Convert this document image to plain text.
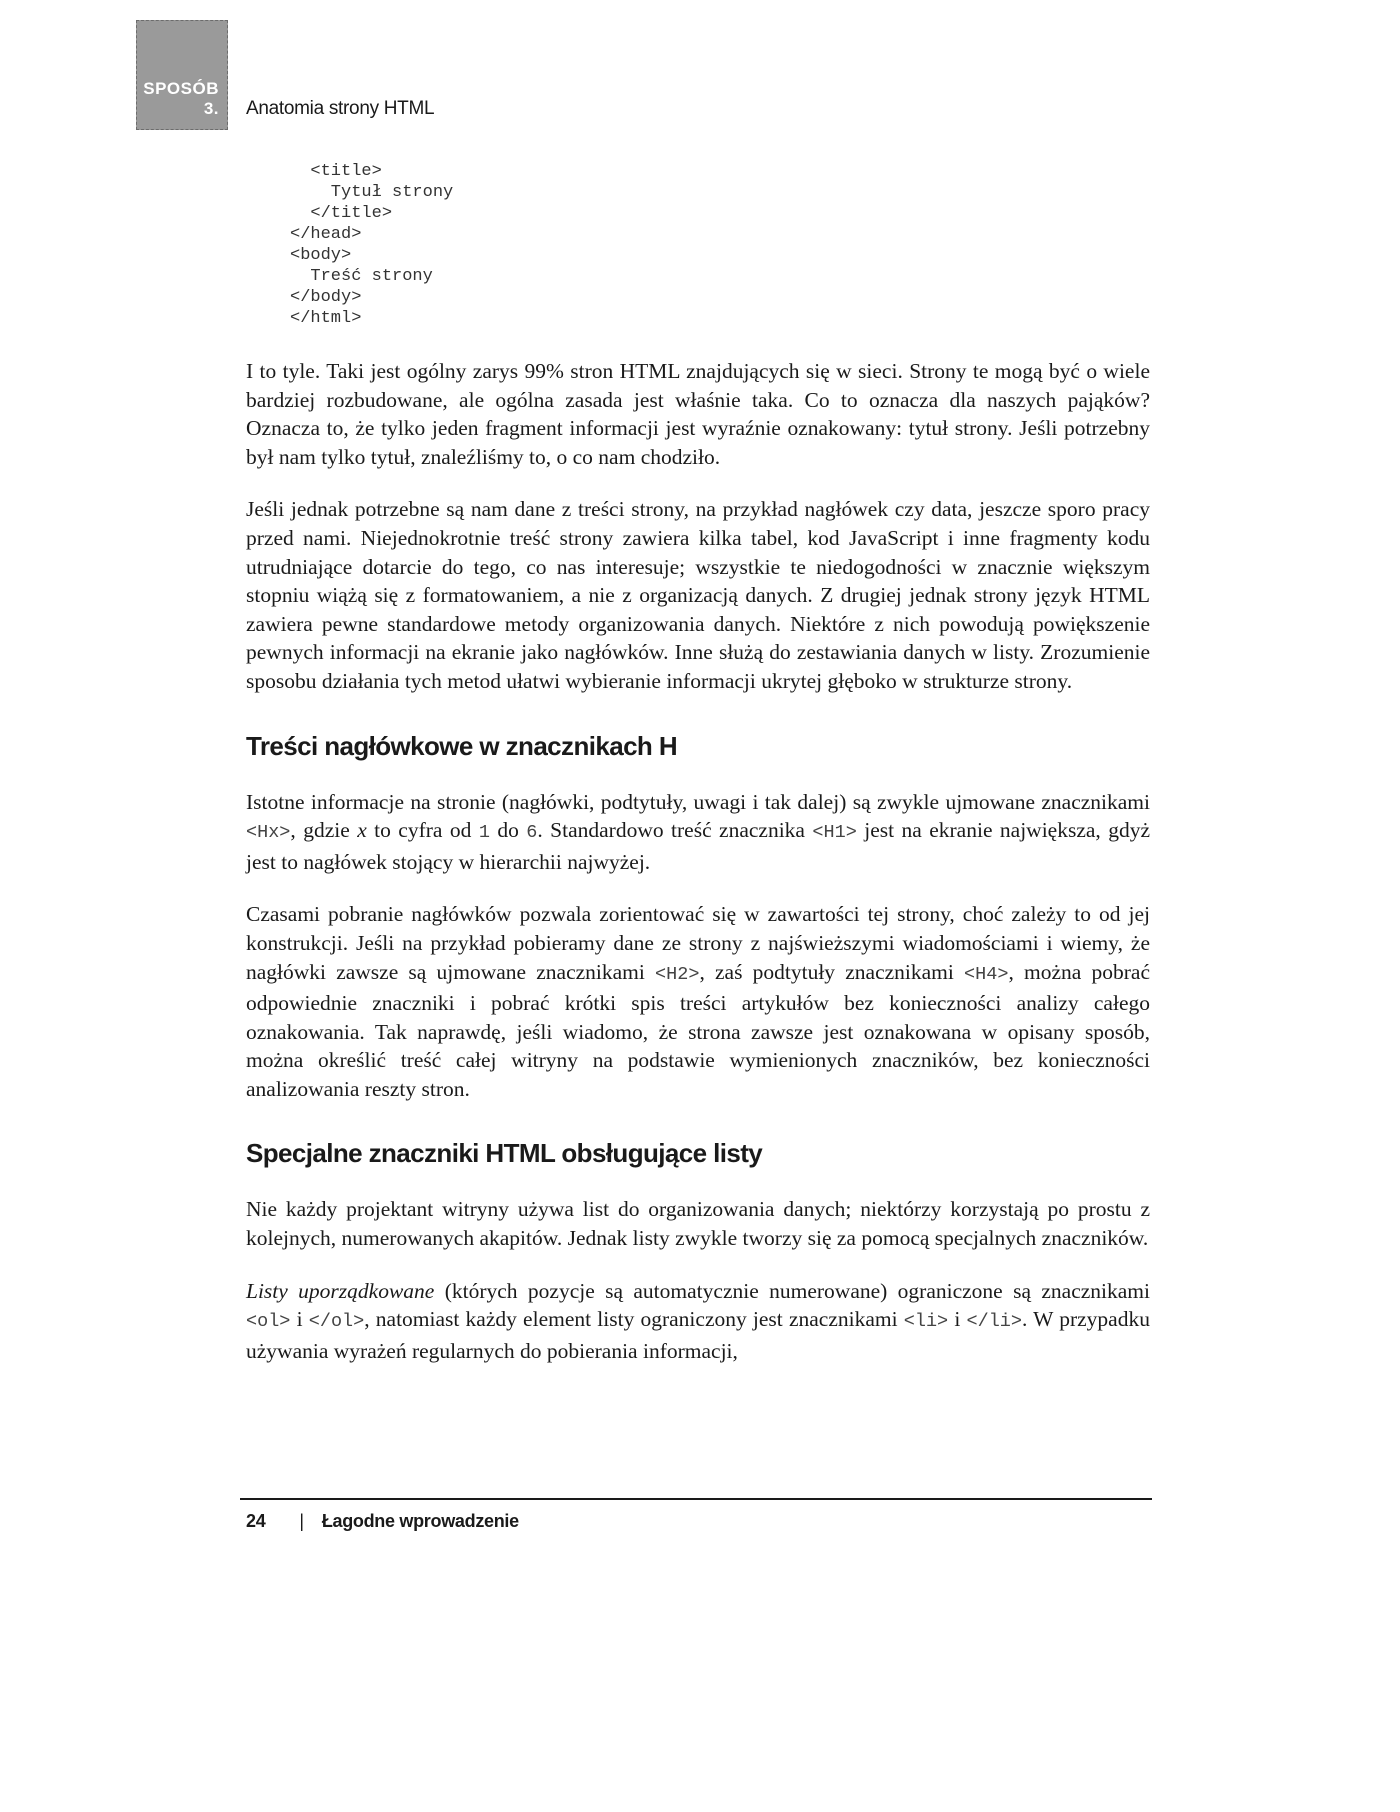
SPOSÓB
3. Anatomia strony HTML
<title>
Tytuł strony
</title>
</head>
<body>
Treść strony
</body>
</html>

I to tyle. Taki jest ogólny zarys 99% stron HTML znajdujących się w sieci. Strony te mogą być o wiele bardziej rozbudowane, ale ogólna zasada jest właśnie taka. Co to oznacza dla naszych pająków? Oznacza to, że tylko jeden fragment informacji jest wyraźnie oznakowany: tytuł strony. Jeśli potrzebny był nam tylko tytuł, znaleźliśmy to, o co nam chodziło.

Jeśli jednak potrzebne są nam dane z treści strony, na przykład nagłówek czy data, jeszcze sporo pracy przed nami. Niejednokrotnie treść strony zawiera kilka tabel, kod JavaScript i inne fragmenty kodu utrudniające dotarcie do tego, co nas interesuje; wszystkie te niedogodności w znacznie większym stopniu wiążą się z formatowaniem, a nie z organizacją danych. Z drugiej jednak strony język HTML zawiera pewne standardowe metody organizowania danych. Niektóre z nich powodują powiększenie pewnych informacji na ekranie jako nagłówków. Inne służą do zestawiania danych w listy. Zrozumienie sposobu działania tych metod ułatwi wybieranie informacji ukrytej głęboko w strukturze strony.

Treści nagłówkowe w znacznikach H

Istotne informacje na stronie (nagłówki, podtytuły, uwagi i tak dalej) są zwykle ujmowane znacznikami <Hx>, gdzie x to cyfra od 1 do 6. Standardowo treść znacznika <H1> jest na ekranie największa, gdyż jest to nagłówek stojący w hierarchii najwyżej.

Czasami pobranie nagłówków pozwala zorientować się w zawartości tej strony, choć zależy to od jej konstrukcji. Jeśli na przykład pobieramy dane ze strony z najświeższymi wiadomościami i wiemy, że nagłówki zawsze są ujmowane znacznikami <H2>, zaś podtytuły znacznikami <H4>, można pobrać odpowiednie znaczniki i pobrać krótki spis treści artykułów bez konieczności analizy całego oznakowania. Tak naprawdę, jeśli wiadomo, że strona zawsze jest oznakowana w opisany sposób, można określić treść całej witryny na podstawie wymienionych znaczników, bez konieczności analizowania reszty stron.

Specjalne znaczniki HTML obsługujące listy

Nie każdy projektant witryny używa list do organizowania danych; niektórzy korzystają po prostu z kolejnych, numerowanych akapitów. Jednak listy zwykle tworzy się za pomocą specjalnych znaczników.

Listy uporządkowane (których pozycje są automatycznie numerowane) ograniczone są znacznikami <ol> i </ol>, natomiast każdy element listy ograniczony jest znacznikami <li> i </li>. W przypadku używania wyrażeń regularnych do pobierania informacji,

24 | Łagodne wprowadzenie
